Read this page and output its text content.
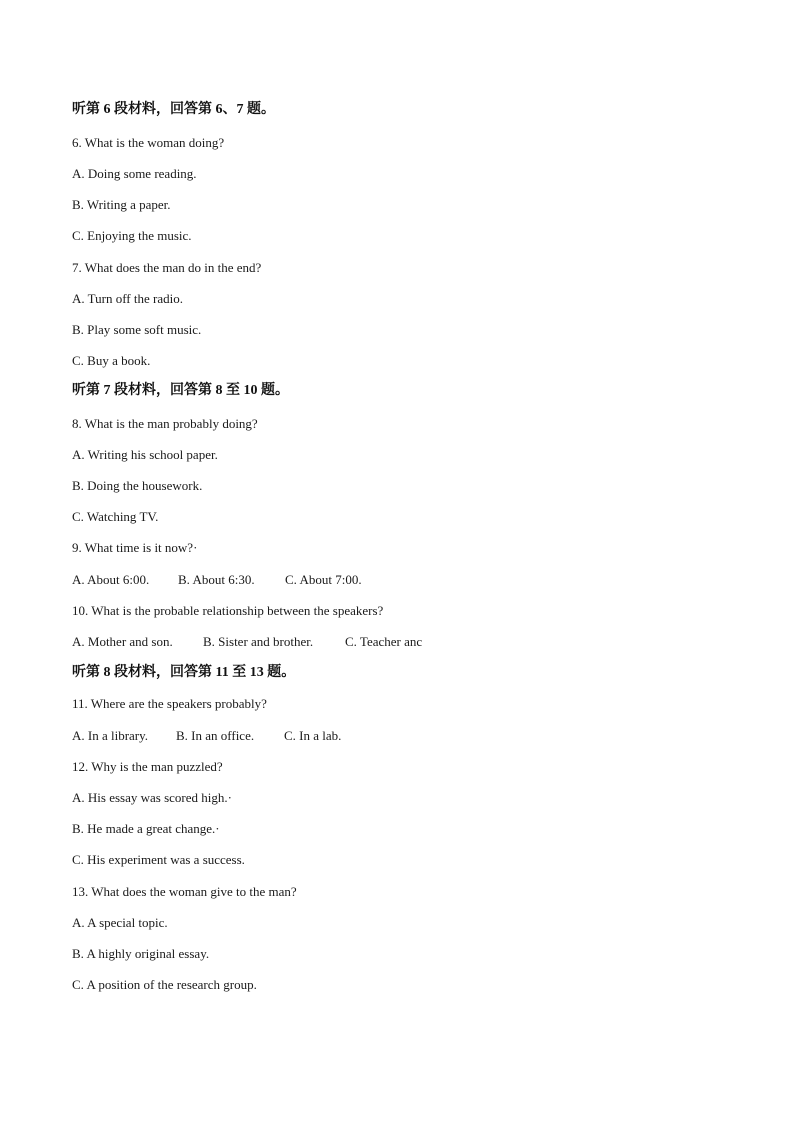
听第 6 段材料，回答第 6、7 题。
6. What is the woman doing?
A. Doing some reading.
B. Writing a paper.
C. Enjoying the music.
7. What does the man do in the end?
A. Turn off the radio.
B. Play some soft music.
C. Buy a book.
听第 7 段材料，回答第 8 至 10 题。
8. What is the man probably doing?
A. Writing his school paper.
B. Doing the housework.
C. Watching TV.
9. What time is it now?·
A. About 6:00. B. About 6:30. C. About 7:00.
10. What is the probable relationship between the speakers?
A. Mother and son. B. Sister and brother. C. Teacher anc
听第 8 段材料，回答第 11 至 13 题。
11. Where are the speakers probably?
A. In a library. B. In an office. C. In a lab.
12. Why is the man puzzled?
A. His essay was scored high.·
B. He made a great change.·
C. His experiment was a success.
13. What does the woman give to the man?
A. A special topic.
B. A highly original essay.
C. A position of the research group.
